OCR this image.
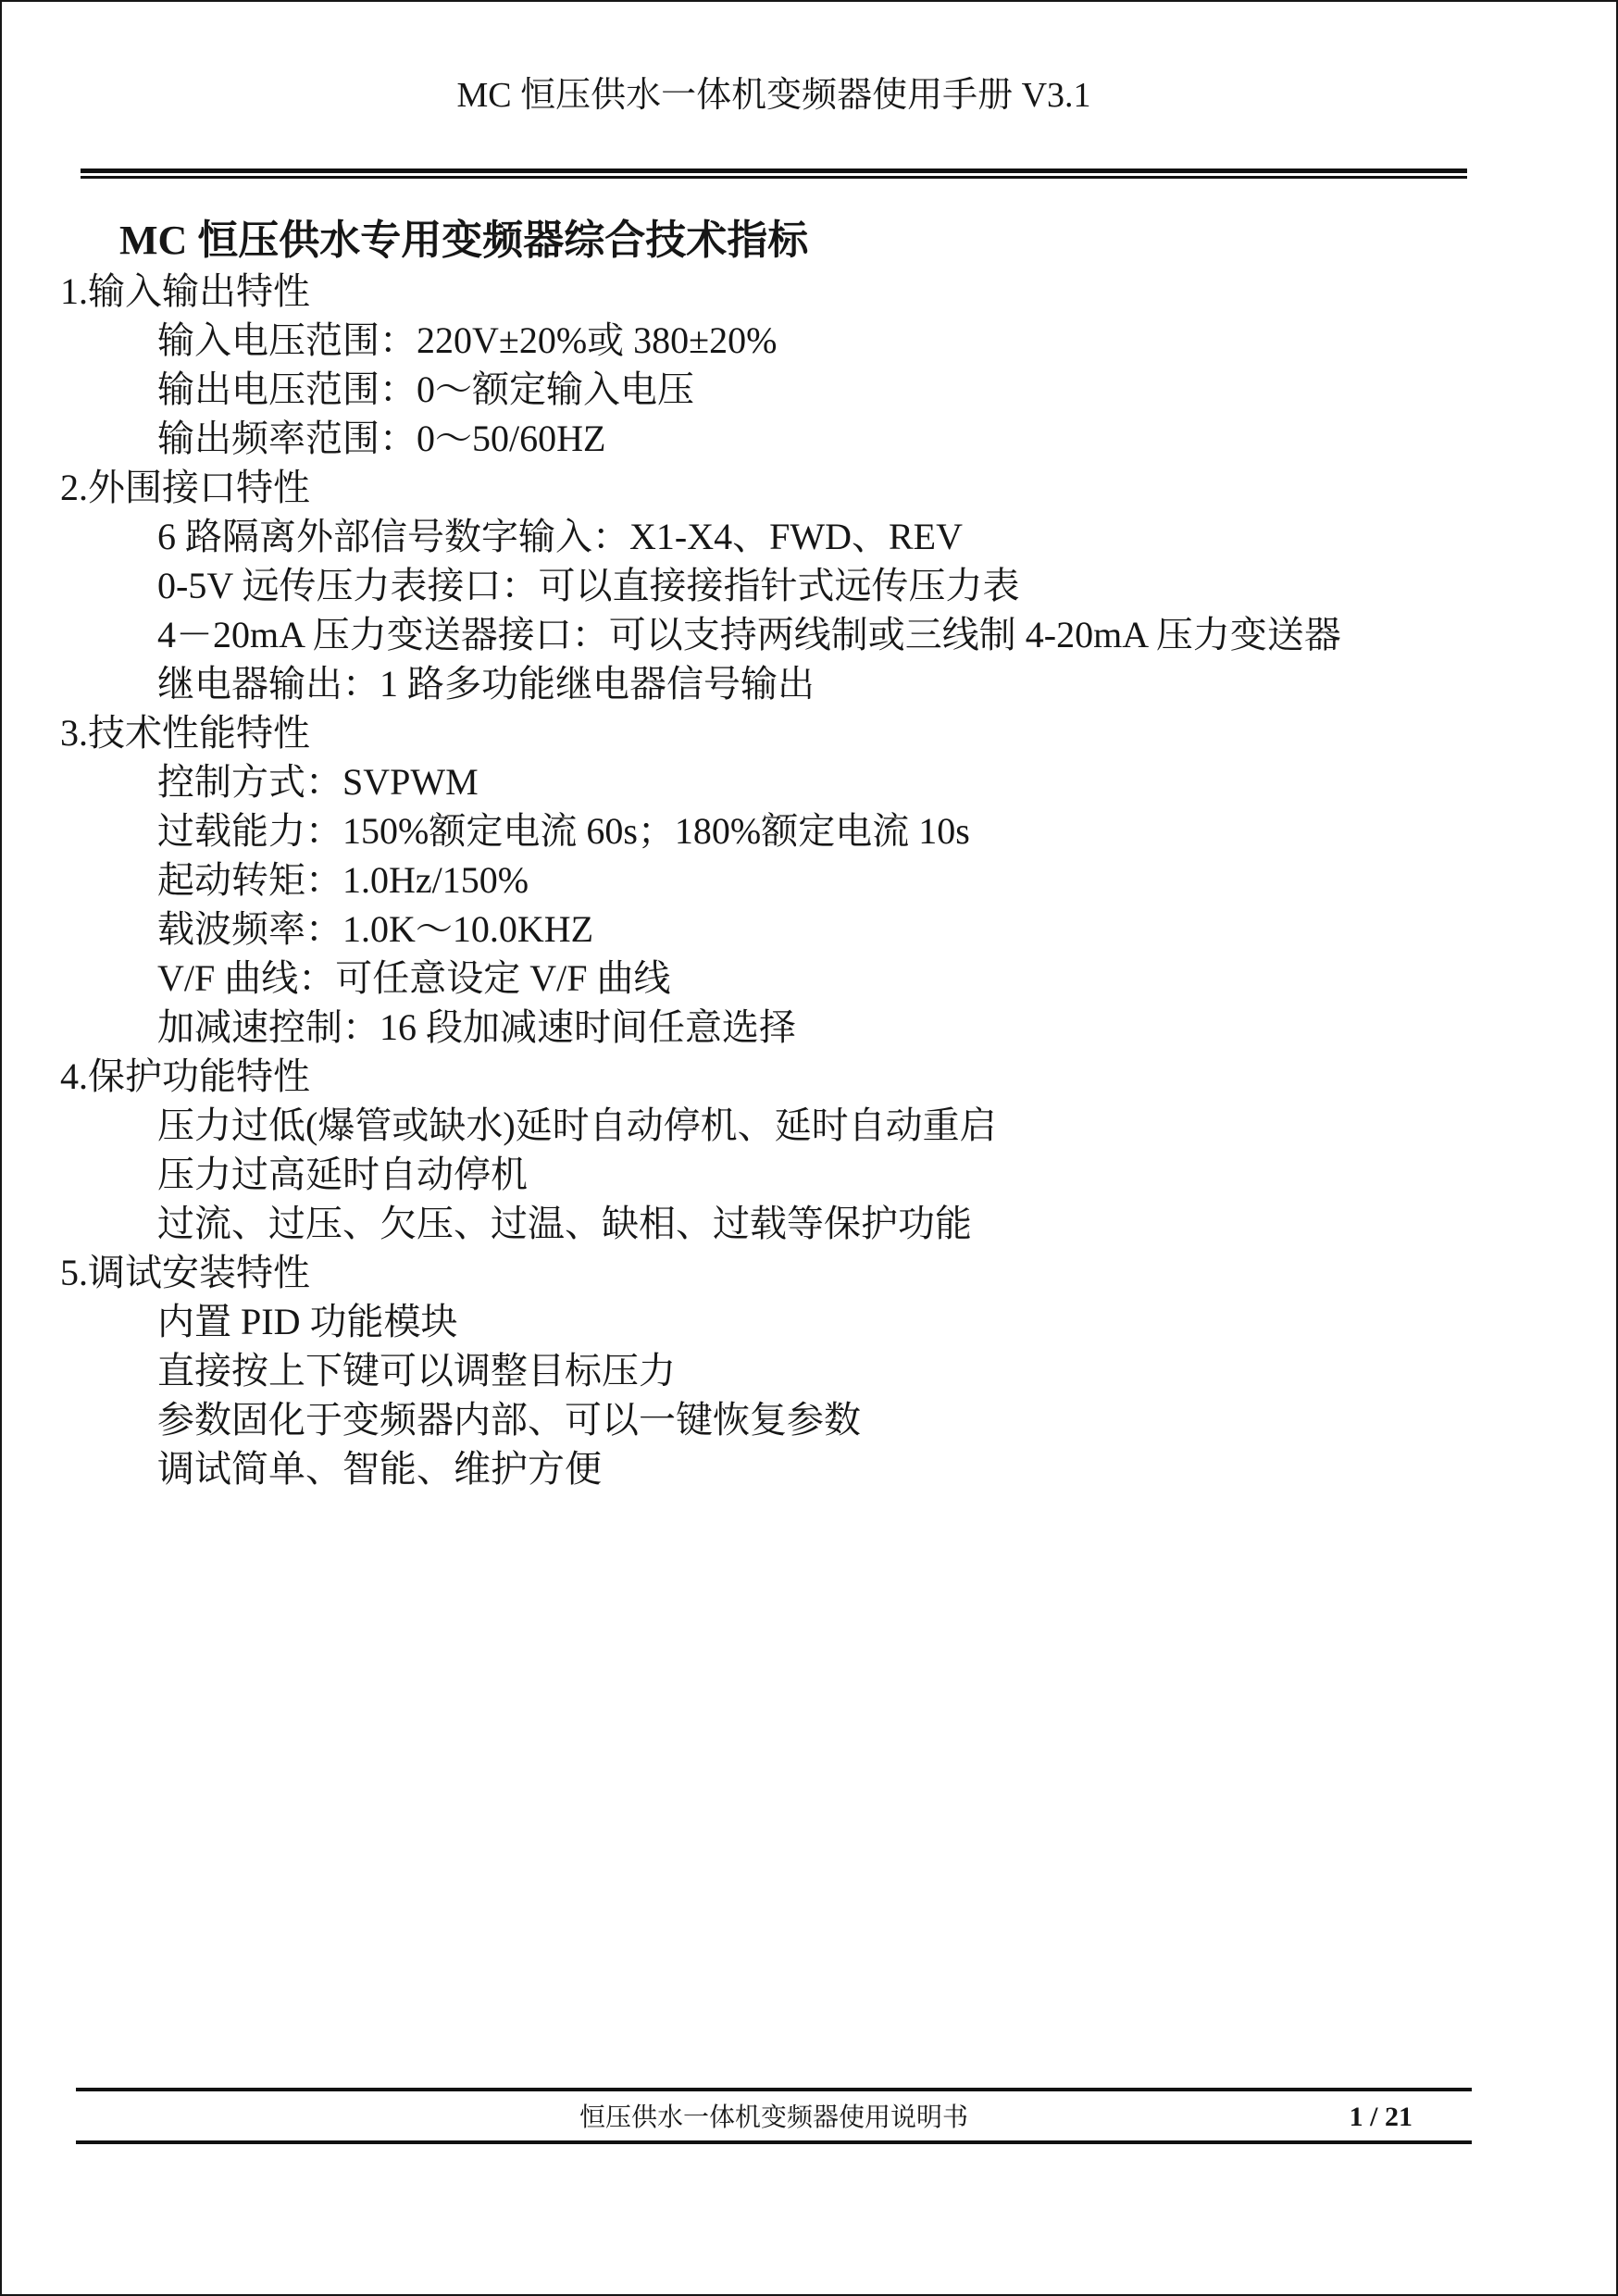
MC 恒压供水一体机变频器使用手册 V3.1
MC 恒压供水专用变频器综合技术指标
1.输入输出特性
输入电压范围：220V±20%或 380±20%
输出电压范围：0～额定输入电压
输出频率范围：0～50/60HZ
2.外围接口特性
6 路隔离外部信号数字输入：X1-X4、FWD、REV
0-5V 远传压力表接口：可以直接接指针式远传压力表
4－20mA 压力变送器接口：可以支持两线制或三线制 4-20mA 压力变送器
继电器输出：1 路多功能继电器信号输出
3.技术性能特性
控制方式：SVPWM
过载能力：150%额定电流 60s；180%额定电流 10s
起动转矩：1.0Hz/150%
载波频率：1.0K～10.0KHZ
V/F 曲线：可任意设定 V/F 曲线
加减速控制：16 段加减速时间任意选择
4.保护功能特性
压力过低(爆管或缺水)延时自动停机、延时自动重启
压力过高延时自动停机
过流、过压、欠压、过温、缺相、过载等保护功能
5.调试安装特性
内置 PID 功能模块
直接按上下键可以调整目标压力
参数固化于变频器内部、可以一键恢复参数
调试简单、智能、维护方便
恒压供水一体机变频器使用说明书	1 / 21
